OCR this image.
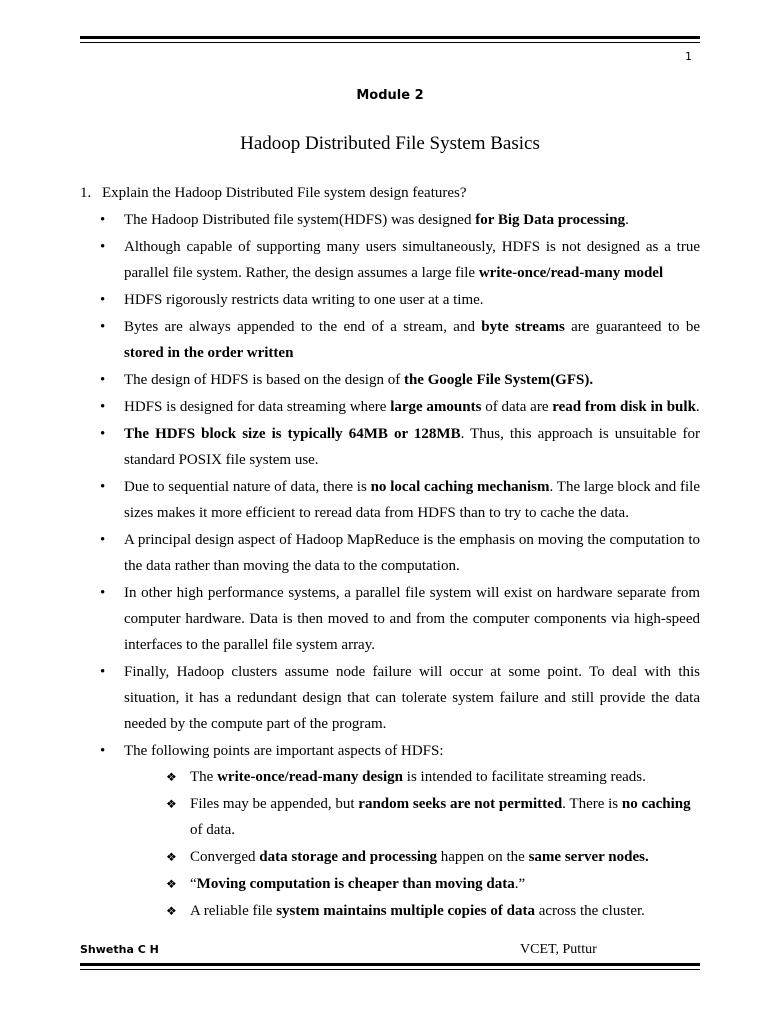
1
Module 2
Hadoop Distributed File System Basics
1. Explain the Hadoop Distributed File system design features?
• The Hadoop Distributed file system(HDFS) was designed for Big Data processing.
• Although capable of supporting many users simultaneously, HDFS is not designed as a true parallel file system. Rather, the design assumes a large file write-once/read-many model
• HDFS rigorously restricts data writing to one user at a time.
• Bytes are always appended to the end of a stream, and byte streams are guaranteed to be stored in the order written
• The design of HDFS is based on the design of the Google File System(GFS).
• HDFS is designed for data streaming where large amounts of data are read from disk in bulk.
• The HDFS block size is typically 64MB or 128MB. Thus, this approach is unsuitable for standard POSIX file system use.
• Due to sequential nature of data, there is no local caching mechanism. The large block and file sizes makes it more efficient to reread data from HDFS than to try to cache the data.
• A principal design aspect of Hadoop MapReduce is the emphasis on moving the computation to the data rather than moving the data to the computation.
• In other high performance systems, a parallel file system will exist on hardware separate from computer hardware. Data is then moved to and from the computer components via high-speed interfaces to the parallel file system array.
• Finally, Hadoop clusters assume node failure will occur at some point. To deal with this situation, it has a redundant design that can tolerate system failure and still provide the data needed by the compute part of the program.
• The following points are important aspects of HDFS:
❖ The write-once/read-many design is intended to facilitate streaming reads.
❖ Files may be appended, but random seeks are not permitted. There is no caching of data.
❖ Converged data storage and processing happen on the same server nodes.
❖ “Moving computation is cheaper than moving data.”
❖ A reliable file system maintains multiple copies of data across the cluster.
Shwetha C H	VCET, Puttur
